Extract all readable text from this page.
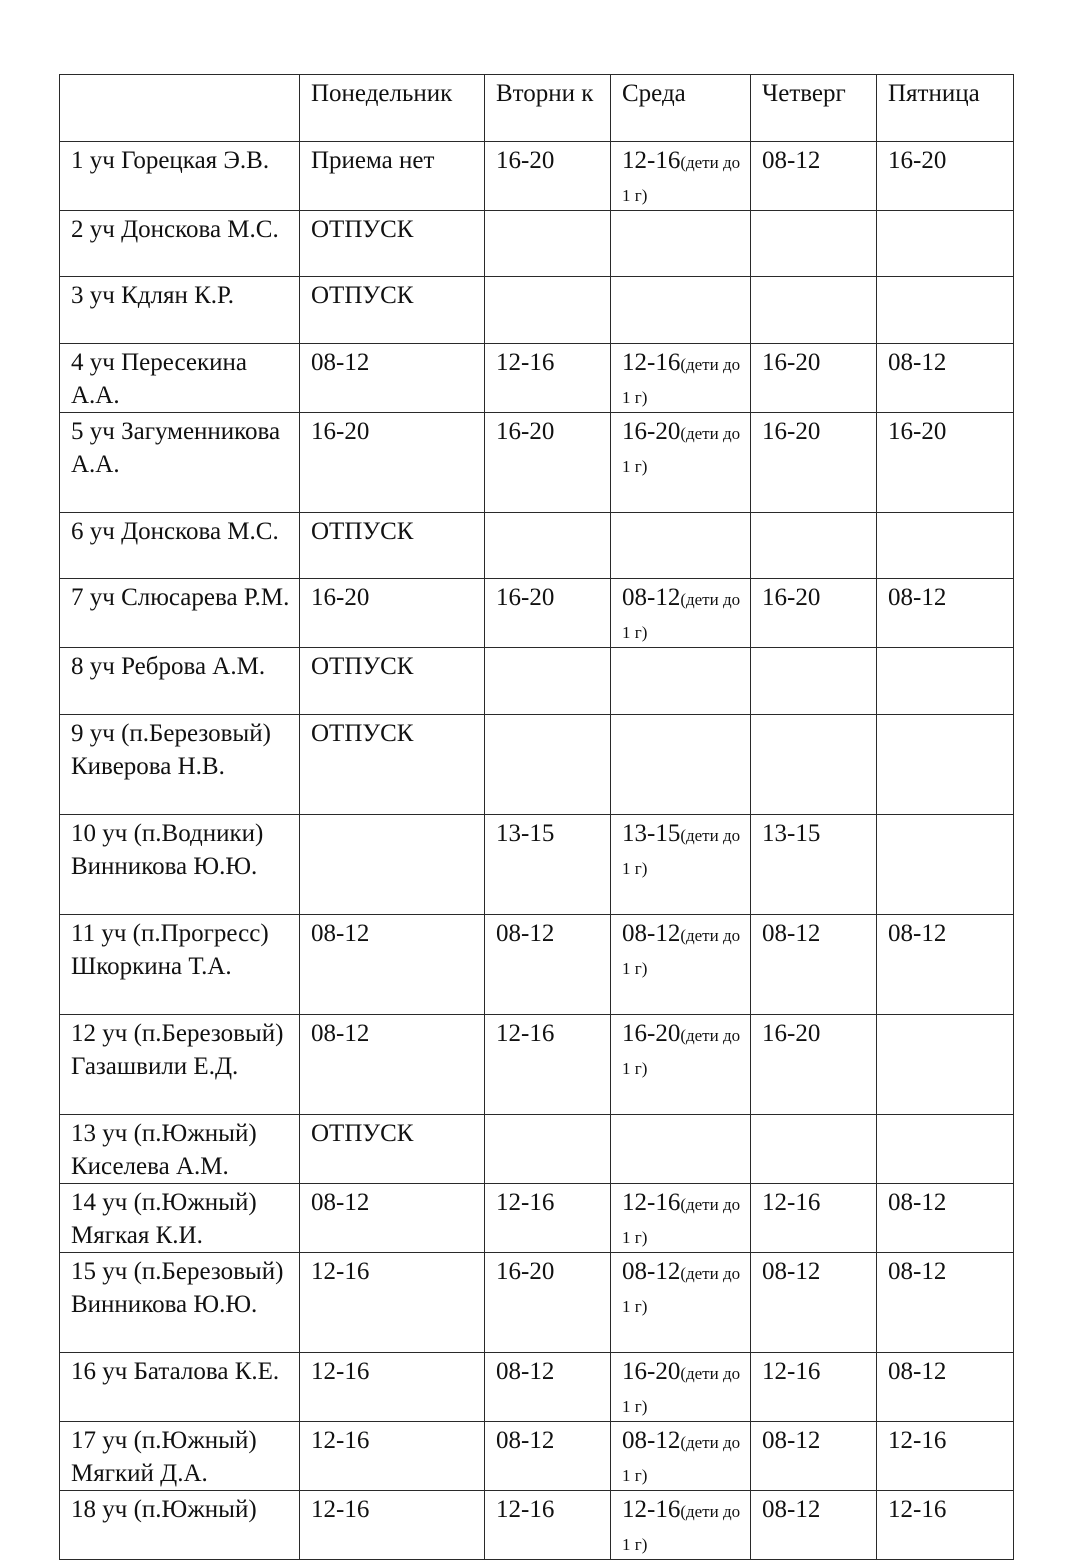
	Понедельник	Вторни к	Среда	Четверг	Пятница
1 уч Горецкая Э.В.	Приема нет	16-20	12-16(дети до 1 г)	08-12	16-20
2 уч Донскова М.С.	ОТПУСК				
3 уч Кдлян К.Р.	ОТПУСК				
4 уч Пересекина А.А.	08-12	12-16	12-16(дети до 1 г)	16-20	08-12
5 уч Загуменникова А.А.	16-20	16-20	16-20(дети до 1 г)	16-20	16-20
6 уч Донскова М.С.	ОТПУСК				
7 уч Слюсарева Р.М.	16-20	16-20	08-12(дети до 1 г)	16-20	08-12
8 уч Реброва А.М.	ОТПУСК				
9 уч (п.Березовый) Киверова Н.В.	ОТПУСК				
10 уч (п.Водники) Винникова Ю.Ю.		13-15	13-15(дети до 1 г)	13-15	
11 уч (п.Прогресс) Шкоркина Т.А.	08-12	08-12	08-12(дети до 1 г)	08-12	08-12
12 уч (п.Березовый) Газашвили Е.Д.	08-12	12-16	16-20(дети до 1 г)	16-20	
13 уч (п.Южный) Киселева А.М.	ОТПУСК				
14 уч (п.Южный) Мягкая К.И.	08-12	12-16	12-16(дети до 1 г)	12-16	08-12
15 уч (п.Березовый) Винникова Ю.Ю.	12-16	16-20	08-12(дети до 1 г)	08-12	08-12
16 уч Баталова К.Е.	12-16	08-12	16-20(дети до 1 г)	12-16	08-12
17 уч (п.Южный) Мягкий Д.А.	12-16	08-12	08-12(дети до 1 г)	08-12	12-16
18 уч (п.Южный)	12-16	12-16	12-16(дети до 1 г)	08-12	12-16
